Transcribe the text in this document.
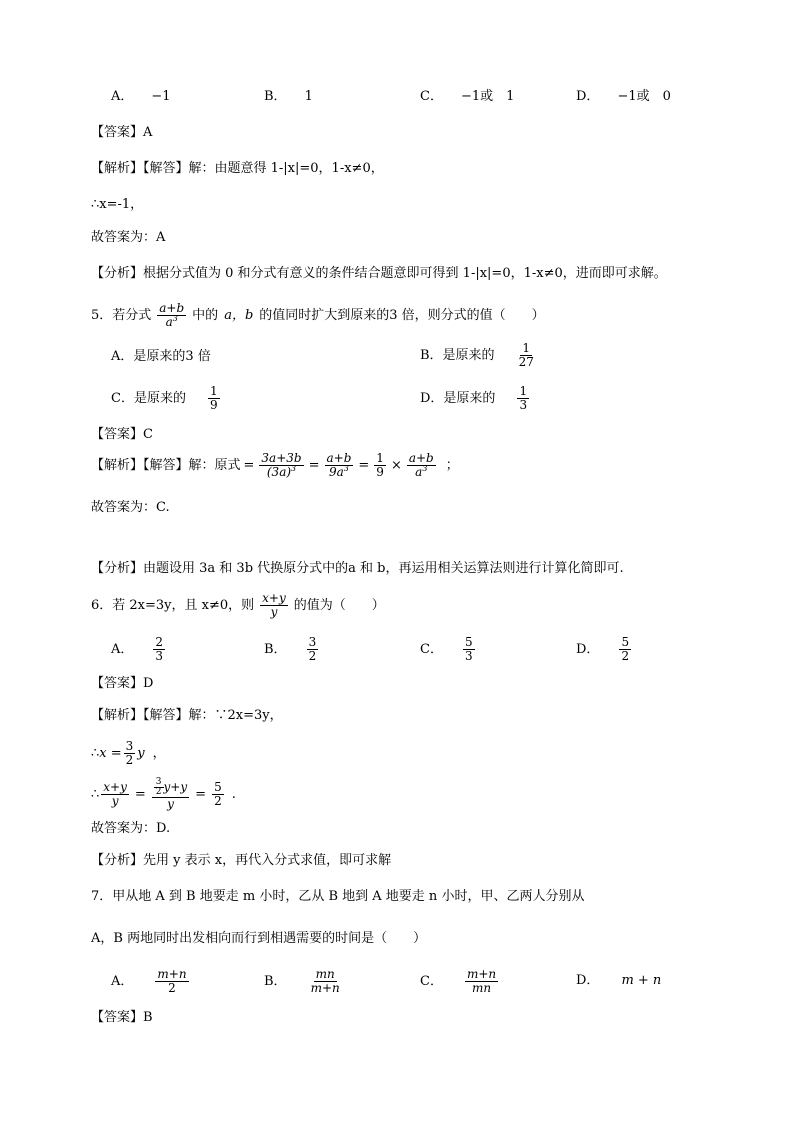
A． −1	B． 1	C． −1或　1	D． −1或　0
【答案】A
【解析】【解答】解：由题意得 1-|x|=0，1-x≠0，
∴x=-1，
故答案为：A
【分析】根据分式值为 0 和分式有意义的条件结合题意即可得到 1-|x|=0，1-x≠0，进而即可求解。
5．若分式 $\frac{a+b}{a^3}$ 中的 a，b 的值同时扩大到原来的3 倍，则分式的值（　　）
A．是原来的3 倍	B．是原来的 $\frac{1}{27}$
C．是原来的 $\frac{1}{9}$	D．是原来的 $\frac{1}{3}$
【答案】C
【解析】【解答】解：原式 = $\frac{3a+3b}{(3a)^3} = \frac{a+b}{9a^3} = \frac{1}{9} \times \frac{a+b}{a^3}$ ；
故答案为：C.
【分析】由题设用 3a 和 3b 代换原分式中的a 和 b，再运用相关运算法则进行计算化简即可.
6．若 2x=3y，且 x≠0，则 $\frac{x+y}{y}$ 的值为（　　）
A． $\frac{2}{3}$	B． $\frac{3}{2}$	C． $\frac{5}{3}$	D． $\frac{5}{2}$
【答案】D
【解析】【解答】解：∵2x=3y，
∴ $x = \frac{3}{2}$ y ，
∴ $\frac{x+y}{y} = \frac{\frac{3}{2} y+y}{y} = \frac{5}{2}$ .
故答案为：D.
【分析】先用 y 表示 x，再代入分式求值，即可求解
7．甲从地 A 到 B 地要走 m 小时，乙从 B 地到 A 地要走 n 小时，甲、乙两人分别从
A，B 两地同时出发相向而行到相遇需要的时间是（　　）
A． $\frac{m+n}{2}$	B． $\frac{mn}{m+n}$	C． $\frac{m+n}{mn}$	D． m + n
【答案】B
